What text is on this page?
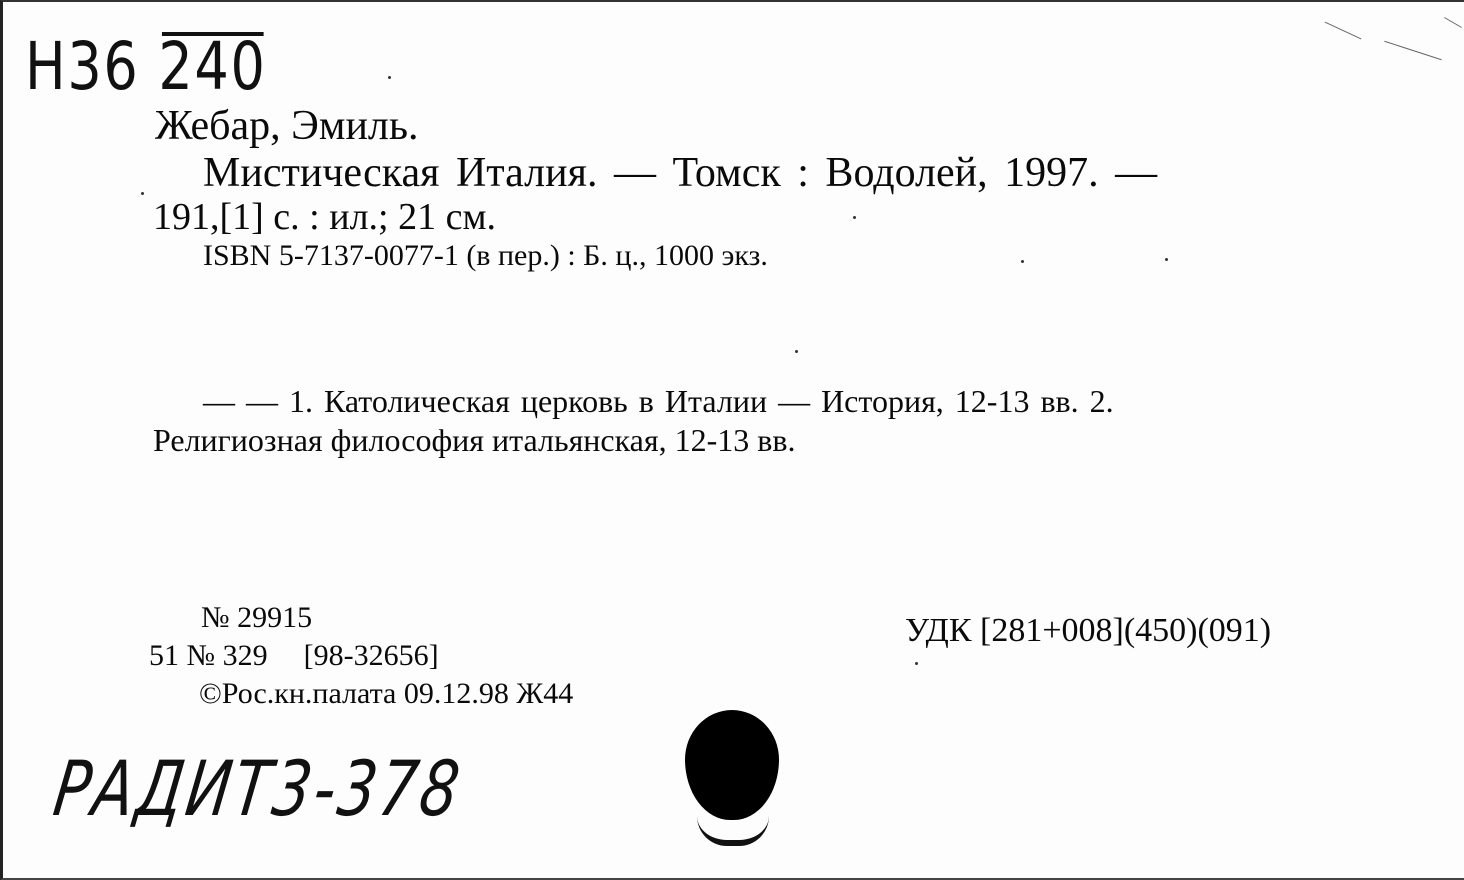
Н36 240
Жебар, Эмиль.
Мистическая Италия. — Томск : Водолей, 1997. —
191,[1] с. : ил.; 21 см.
ISBN 5-7137-0077-1 (в пер.) : Б. ц., 1000 экз.
— — 1. Католическая церковь в Италии — История, 12-13 вв. 2.
Религиозная философия итальянская, 12-13 вв.
№ 29915
51 № 329 [98-32656]
©Рос.кн.палата 09.12.98 Ж44
УДК [281+008](450)(091)
РАДИТ3-378
